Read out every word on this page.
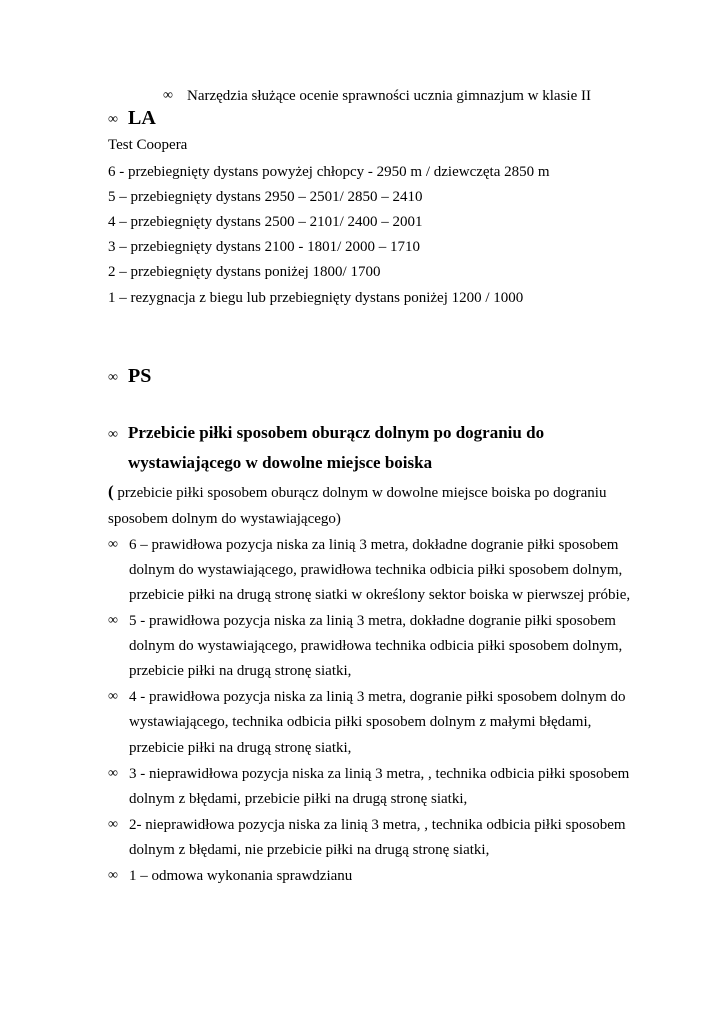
∞ Narzędzia służące ocenie sprawności ucznia gimnazjum w klasie II
∞ LA
Test Coopera
6 - przebiegnięty dystans powyżej chłopcy - 2950 m / dziewczęta 2850 m
5 – przebiegnięty dystans 2950 – 2501/ 2850 – 2410
4 – przebiegnięty dystans 2500 – 2101/ 2400 – 2001
3 – przebiegnięty dystans 2100 - 1801/ 2000 – 1710
2 – przebiegnięty dystans poniżej 1800/ 1700
1 – rezygnacja z biegu lub przebiegnięty dystans poniżej 1200 / 1000
∞ PS
∞ Przebicie piłki sposobem oburącz dolnym po dograniu do
wystawiającego w dowolne miejsce boiska
( przebicie piłki sposobem oburącz dolnym w dowolne miejsce boiska po dograniu
sposobem dolnym do wystawiającego)
∞ 6 – prawidłowa pozycja niska za linią 3 metra, dokładne dogranie piłki sposobem
dolnym do wystawiającego, prawidłowa technika odbicia piłki sposobem dolnym,
przebicie piłki na drugą stronę siatki w określony sektor boiska w pierwszej próbie,
∞ 5 - prawidłowa pozycja niska za linią 3 metra, dokładne dogranie piłki sposobem
dolnym do wystawiającego, prawidłowa technika odbicia piłki sposobem dolnym,
przebicie piłki na drugą stronę siatki,
∞ 4 - prawidłowa pozycja niska za linią 3 metra, dogranie piłki sposobem dolnym do
wystawiającego, technika odbicia piłki sposobem dolnym z małymi błędami,
przebicie piłki na drugą stronę siatki,
∞ 3 - nieprawidłowa pozycja niska za linią 3 metra, , technika odbicia piłki sposobem
dolnym z błędami, przebicie piłki na drugą stronę siatki,
∞ 2- nieprawidłowa pozycja niska za linią 3 metra, , technika odbicia piłki sposobem
dolnym z błędami, nie przebicie piłki na drugą stronę siatki,
∞ 1 – odmowa wykonania sprawdzianu
